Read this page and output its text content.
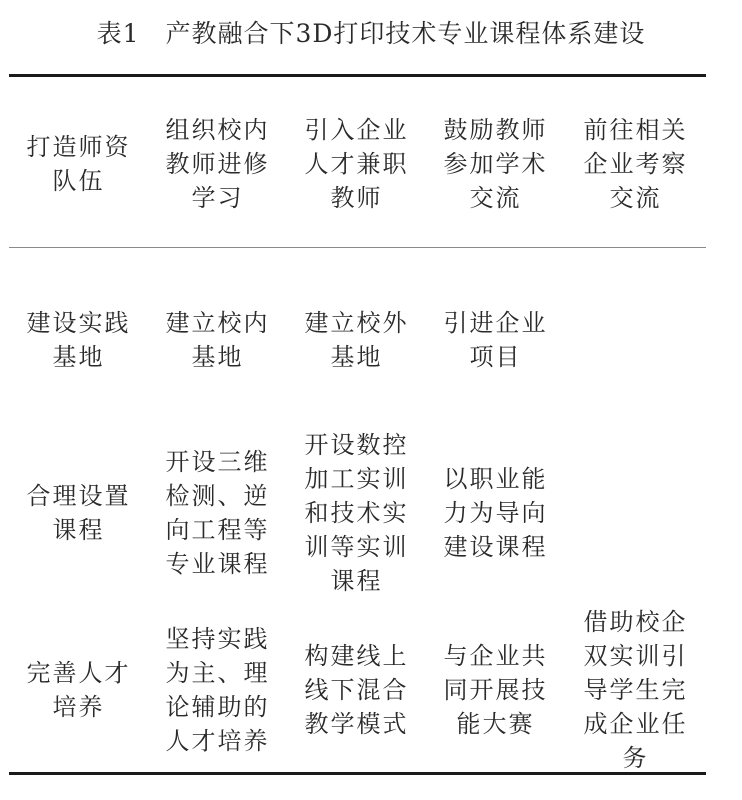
表1 产教融合下3D打印技术专业课程体系建设
打造师资队伍
组织校内教师进修学习
引入企业人才兼职教师
鼓励教师参加学术交流
前往相关企业考察交流
建设实践基地
建立校内基地
建立校外基地
引进企业项目
合理设置课程
开设三维检测、逆向工程等专业课程
开设数控加工实训和技术实训等实训课程
以职业能力为导向建设课程
完善人才培养
坚持实践为主、理论辅助的人才培养
构建线上线下混合教学模式
与企业共同开展技能大赛
借助校企双实训引导学生完成企业任务
